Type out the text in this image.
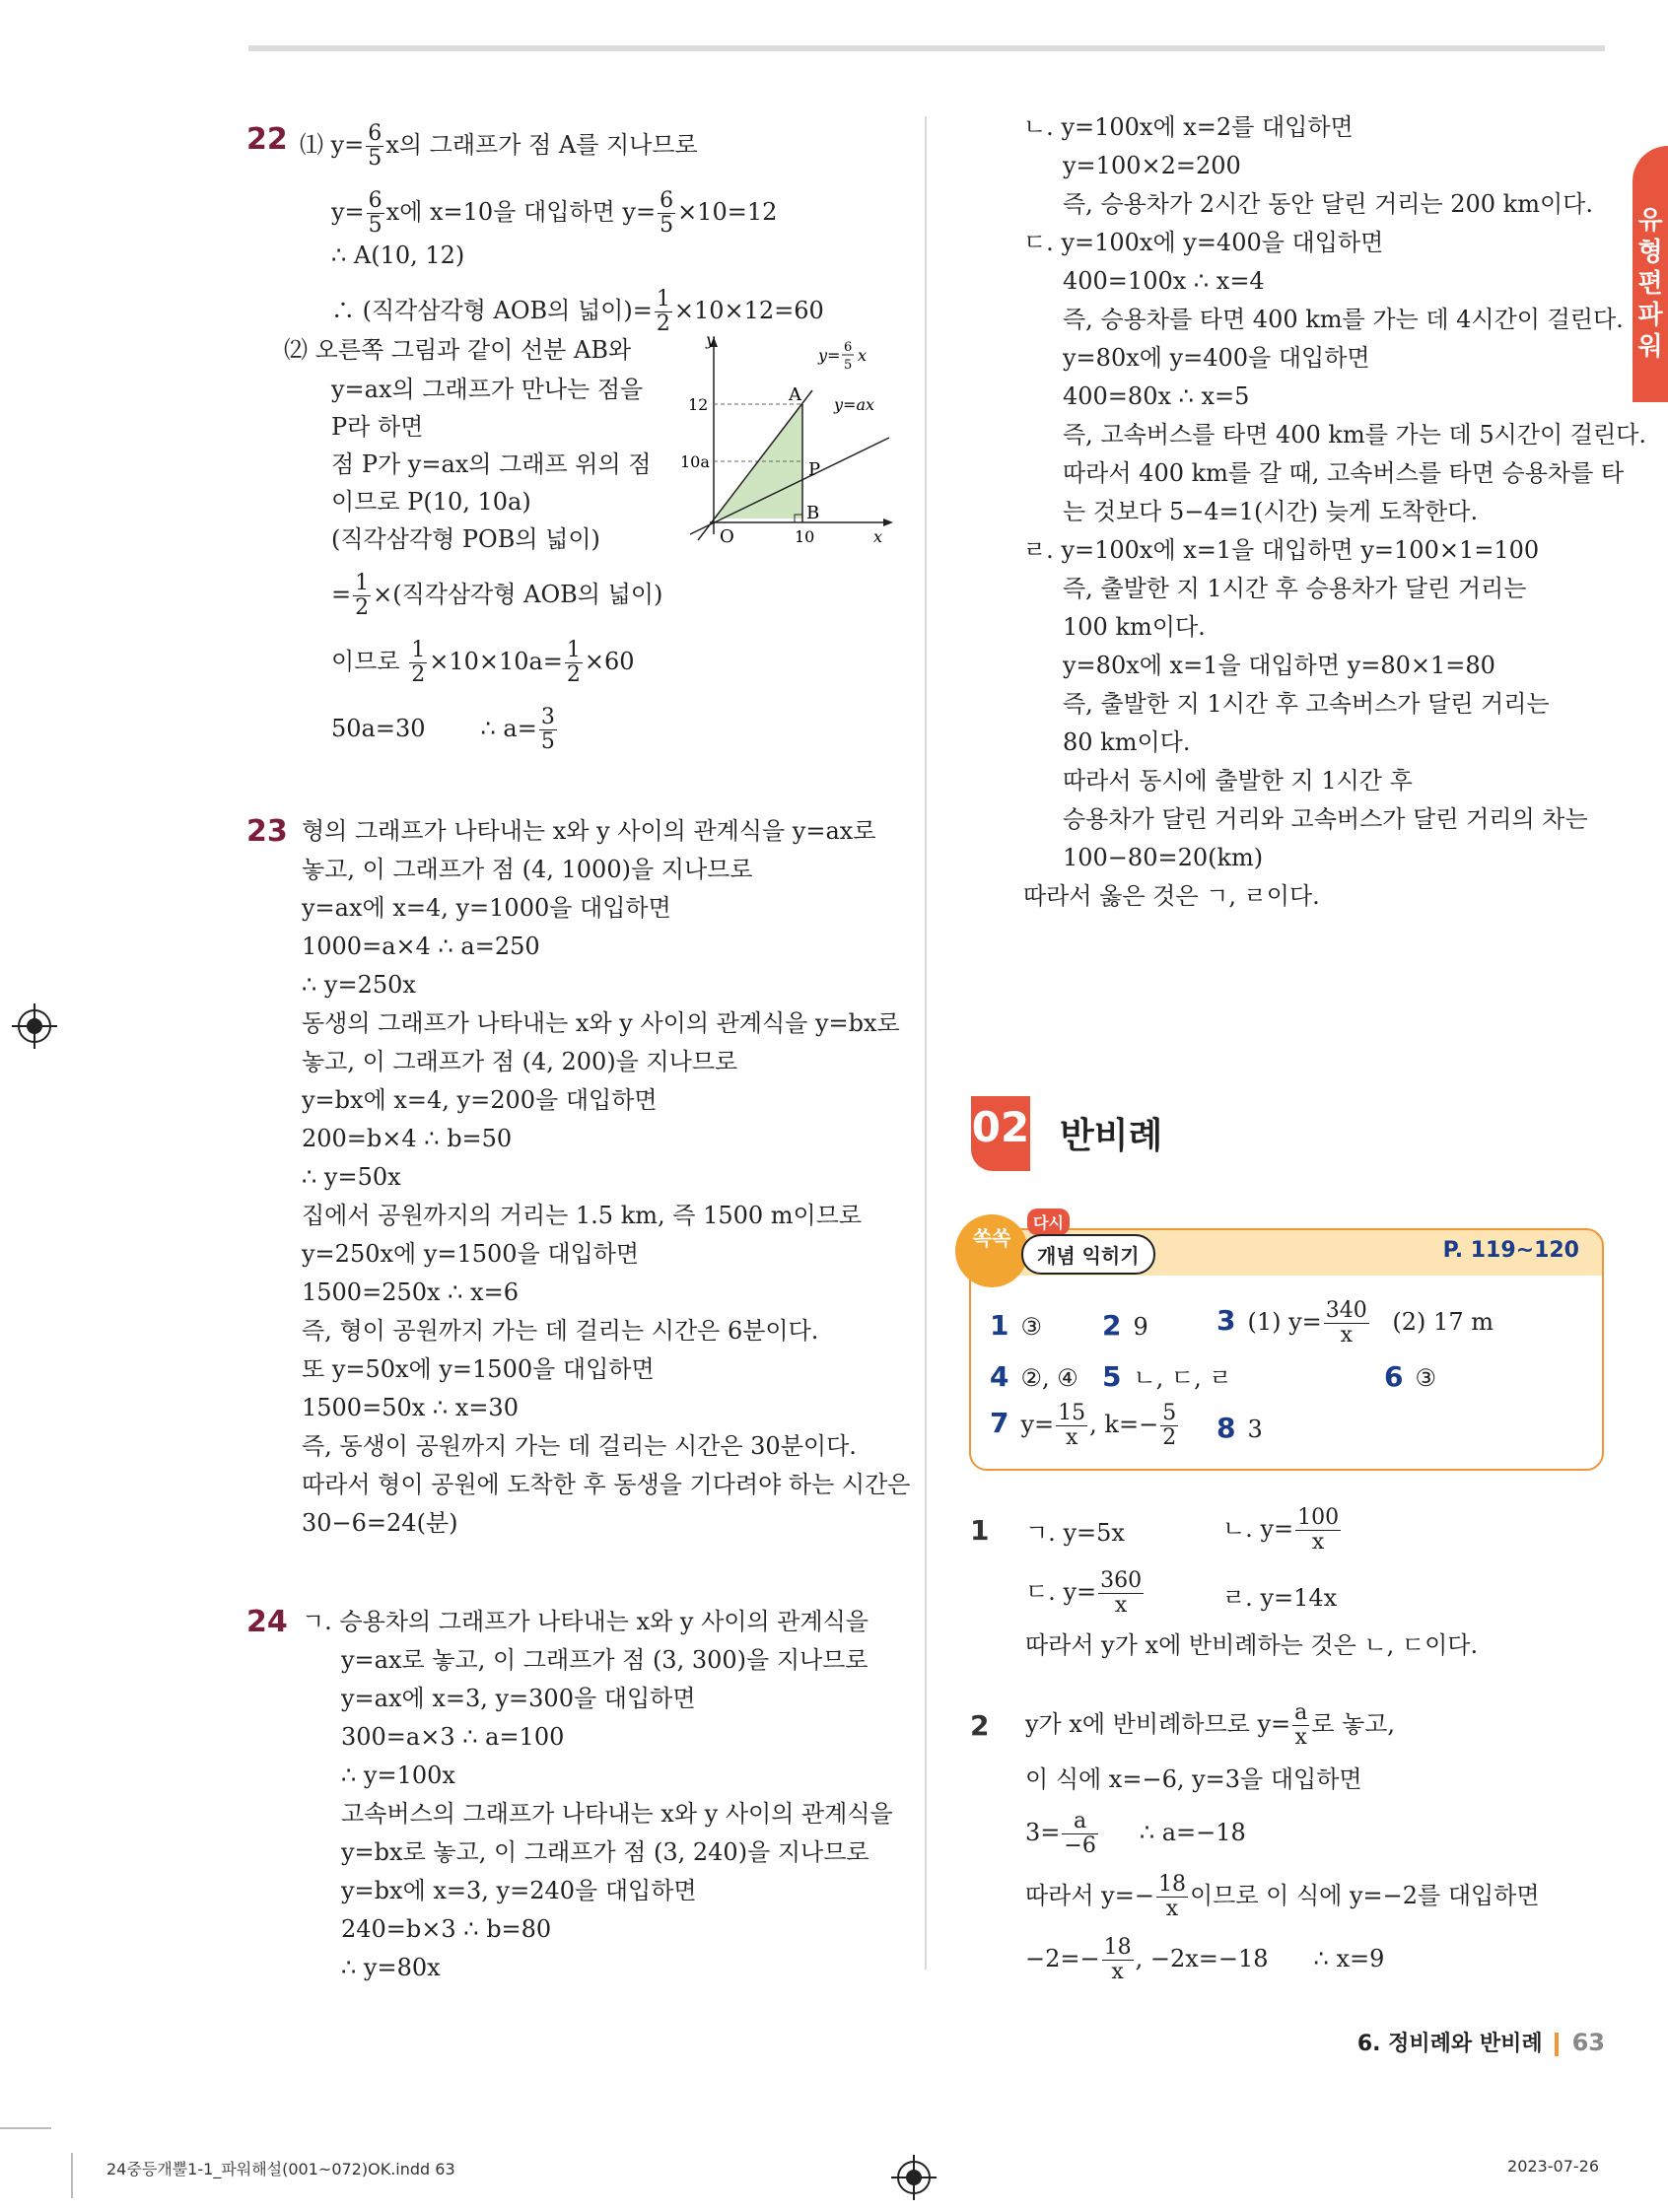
유형편 파워
22 ⑴ $y= \frac{6}{5}$ x의 그래프가 점 A를 지나므로
$y= \frac{6}{5}$ x에 x=10을 대입하면 $y= \frac{6}{5} \times 10=12$
∴ A(10, 12)
∴ (직각삼각형 AOB의 넓이)= $\frac{1}{2} \times 10\times 12=60$
⑵ 오른쪽 그림과 같이 선분 AB와
y=ax의 그래프가 만나는 점을
P라 하면
점 P가 y=ax의 그래프 위의 점
이므로 P(10, 10a)
(직각삼각형 POB의 넓이)
= $\frac{1}{2}$ ×(직각삼각형 AOB의 넓이)
이므로 $\frac{1}{2} \times 10\times 10a= \frac{1}{2} \times 60$
50a=30 ∴ $a= \frac{3}{5}$
y
x
O
12
10a
10
A
B
P
y= 6
5
x
y=ax
23 형의 그래프가 나타내는 x와 y 사이의 관계식을 y=ax로
놓고, 이 그래프가 점 (4, 1000)을 지나므로
y=ax에 x=4, y=1000을 대입하면
1000=a×4 ∴ a=250
∴ y=250x
동생의 그래프가 나타내는 x와 y 사이의 관계식을 y=bx로
놓고, 이 그래프가 점 (4, 200)을 지나므로
y=bx에 x=4, y=200을 대입하면
200=b×4 ∴ b=50
∴ y=50x
집에서 공원까지의 거리는 1.5 km, 즉 1500 m이므로
y=250x에 y=1500을 대입하면
1500=250x ∴ x=6
즉, 형이 공원까지 가는 데 걸리는 시간은 6분이다.
또 y=50x에 y=1500을 대입하면
1500=50x ∴ x=30
즉, 동생이 공원까지 가는 데 걸리는 시간은 30분이다.
따라서 형이 공원에 도착한 후 동생을 기다려야 하는 시간은
30−6=24(분)
24 ㄱ. 승용차의 그래프가 나타내는 x와 y 사이의 관계식을
y=ax로 놓고, 이 그래프가 점 (3, 300)을 지나므로
y=ax에 x=3, y=300을 대입하면
300=a×3 ∴ a=100
∴ y=100x
고속버스의 그래프가 나타내는 x와 y 사이의 관계식을
y=bx로 놓고, 이 그래프가 점 (3, 240)을 지나므로
y=bx에 x=3, y=240을 대입하면
240=b×3 ∴ b=80
∴ y=80x
ㄴ. y=100x에 x=2를 대입하면
y=100×2=200
즉, 승용차가 2시간 동안 달린 거리는 200 km이다.
ㄷ. y=100x에 y=400을 대입하면
400=100x ∴ x=4
즉, 승용차를 타면 400 km를 가는 데 4시간이 걸린다.
y=80x에 y=400을 대입하면
400=80x ∴ x=5
즉, 고속버스를 타면 400 km를 가는 데 5시간이 걸린다.
따라서 400 km를 갈 때, 고속버스를 타면 승용차를 타
는 것보다 5−4=1(시간) 늦게 도착한다.
ㄹ. y=100x에 x=1을 대입하면 y=100×1=100
즉, 출발한 지 1시간 후 승용차가 달린 거리는
100 km이다.
y=80x에 x=1을 대입하면 y=80×1=80
즉, 출발한 지 1시간 후 고속버스가 달린 거리는
80 km이다.
따라서 동시에 출발한 지 1시간 후
승용차가 달린 거리와 고속버스가 달린 거리의 차는
100−80=20(km)
따라서 옳은 것은 ㄱ, ㄹ이다.
02 반비례
쏙쏙
다시
개념 익히기	P. 119~120
1 ③ 2 9 3 (1) $y= \frac{340}{x} (2)$ 17 m
4 ②, ④ 5 ㄴ, ㄷ, ㄹ	6 ③
7 $y= \frac{15}{x}$ , $k=- \frac{5}{2} 8$ 3
1 ㄱ. y=5x	ㄴ. $y= \frac{100}{x}$
ㄷ. $y= \frac{360}{x}$	ㄹ. y=14x
따라서 y가 x에 반비례하는 것은 ㄴ, ㄷ이다.
2 y가 x에 반비례하므로 $y= \frac{a}{x}$ 로 놓고,
이 식에 x=−6, y=3을 대입하면
$3= \frac{a}{-6}$ ∴ a=−18
따라서 $y=- \frac{18}{x}$ 이므로 이 식에 y=−2를 대입하면
$-2=- \frac{18}{x}$ , −2x=−18 ∴ x=9
6. 정비례와 반비례 63
24중등개뿔1-1_파워해설(001~072)OK.indd 63	2023-07-26
